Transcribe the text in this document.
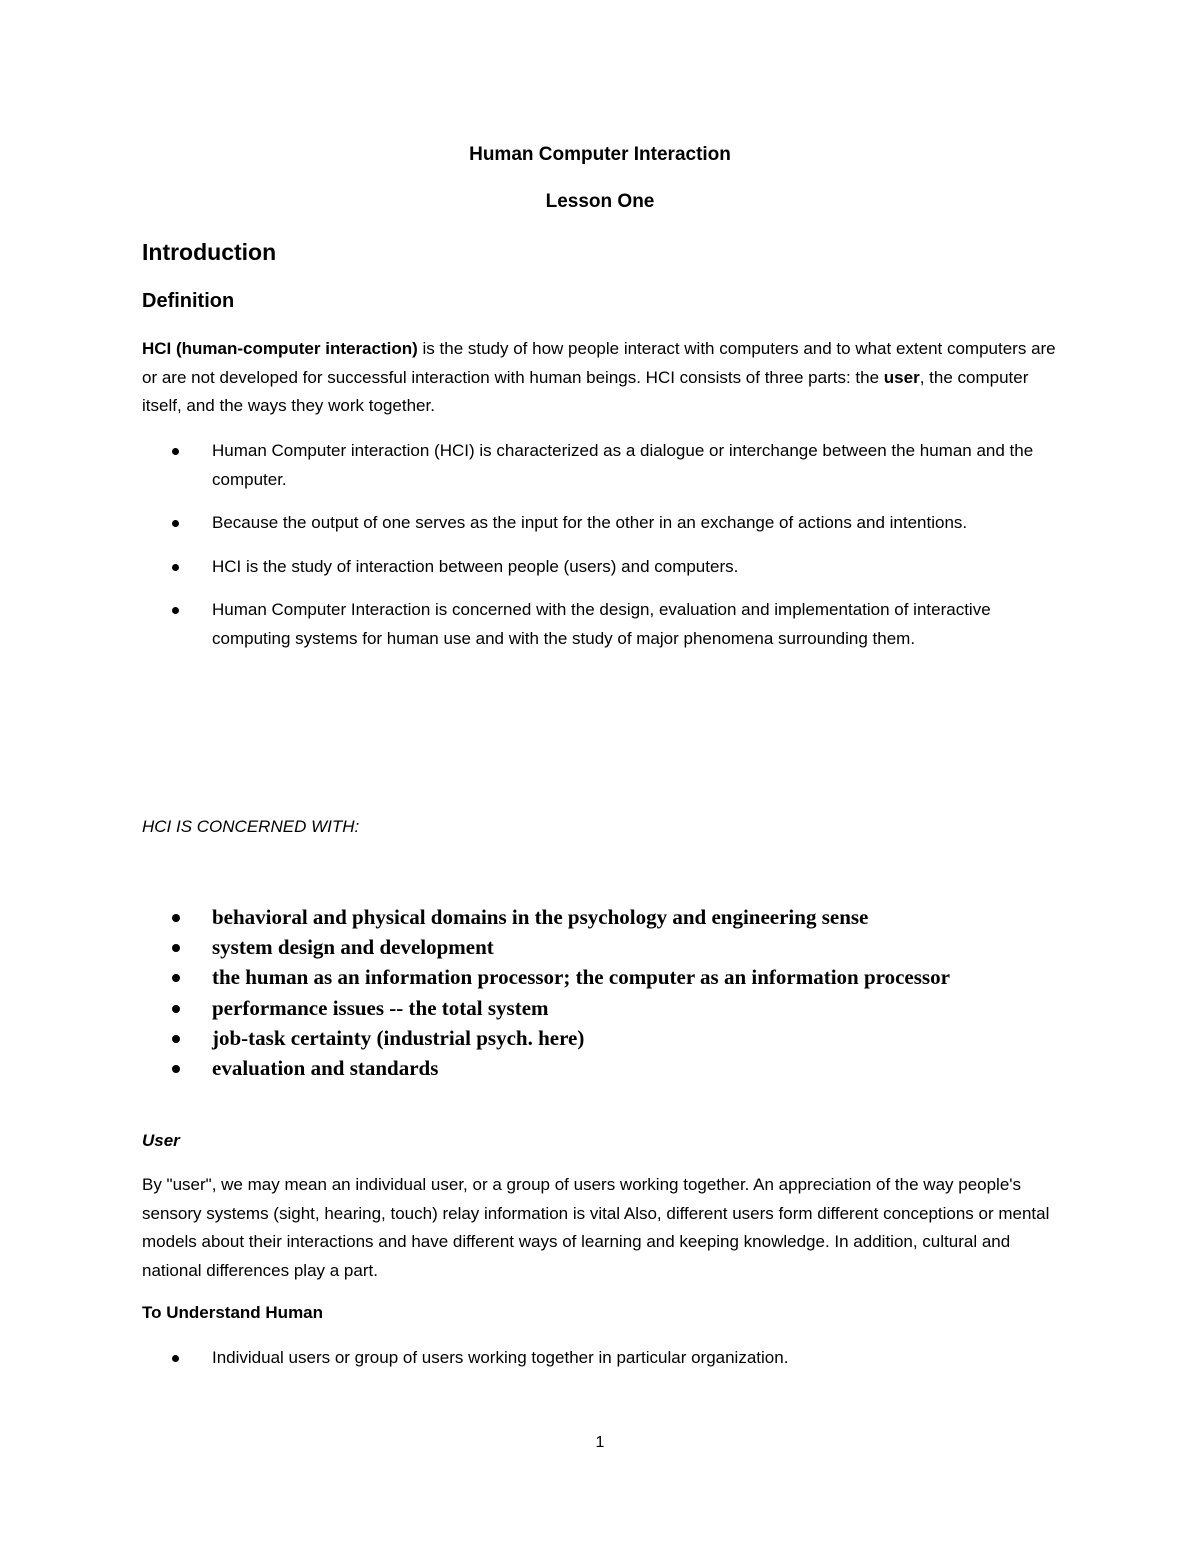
Human Computer Interaction
Lesson One
Introduction
Definition
HCI (human-computer interaction) is the study of how people interact with computers and to what extent computers are or are not developed for successful interaction with human beings. HCI consists of three parts: the user, the computer itself, and the ways they work together.
Human Computer interaction (HCI) is characterized as a dialogue or interchange between the human and the computer.
Because the output of one serves as the input for the other in an exchange of actions and intentions.
HCI is the study of interaction between people (users) and computers.
Human Computer Interaction is concerned with the design, evaluation and implementation of interactive computing systems for human use and with the study of major phenomena surrounding them.
HCI IS CONCERNED WITH:
behavioral and physical domains in the psychology and engineering sense
system design and development
the human as an information processor; the computer as an information processor
performance issues -- the total system
job-task certainty (industrial psych. here)
evaluation and standards
User
By "user", we may mean an individual user, or a group of users working together. An appreciation of the way people's sensory systems (sight, hearing, touch) relay information is vital Also, different users form different conceptions or mental models about their interactions and have different ways of learning and keeping knowledge. In addition, cultural and national differences play a part.
To Understand Human
Individual users or group of users working together in particular organization.
1
